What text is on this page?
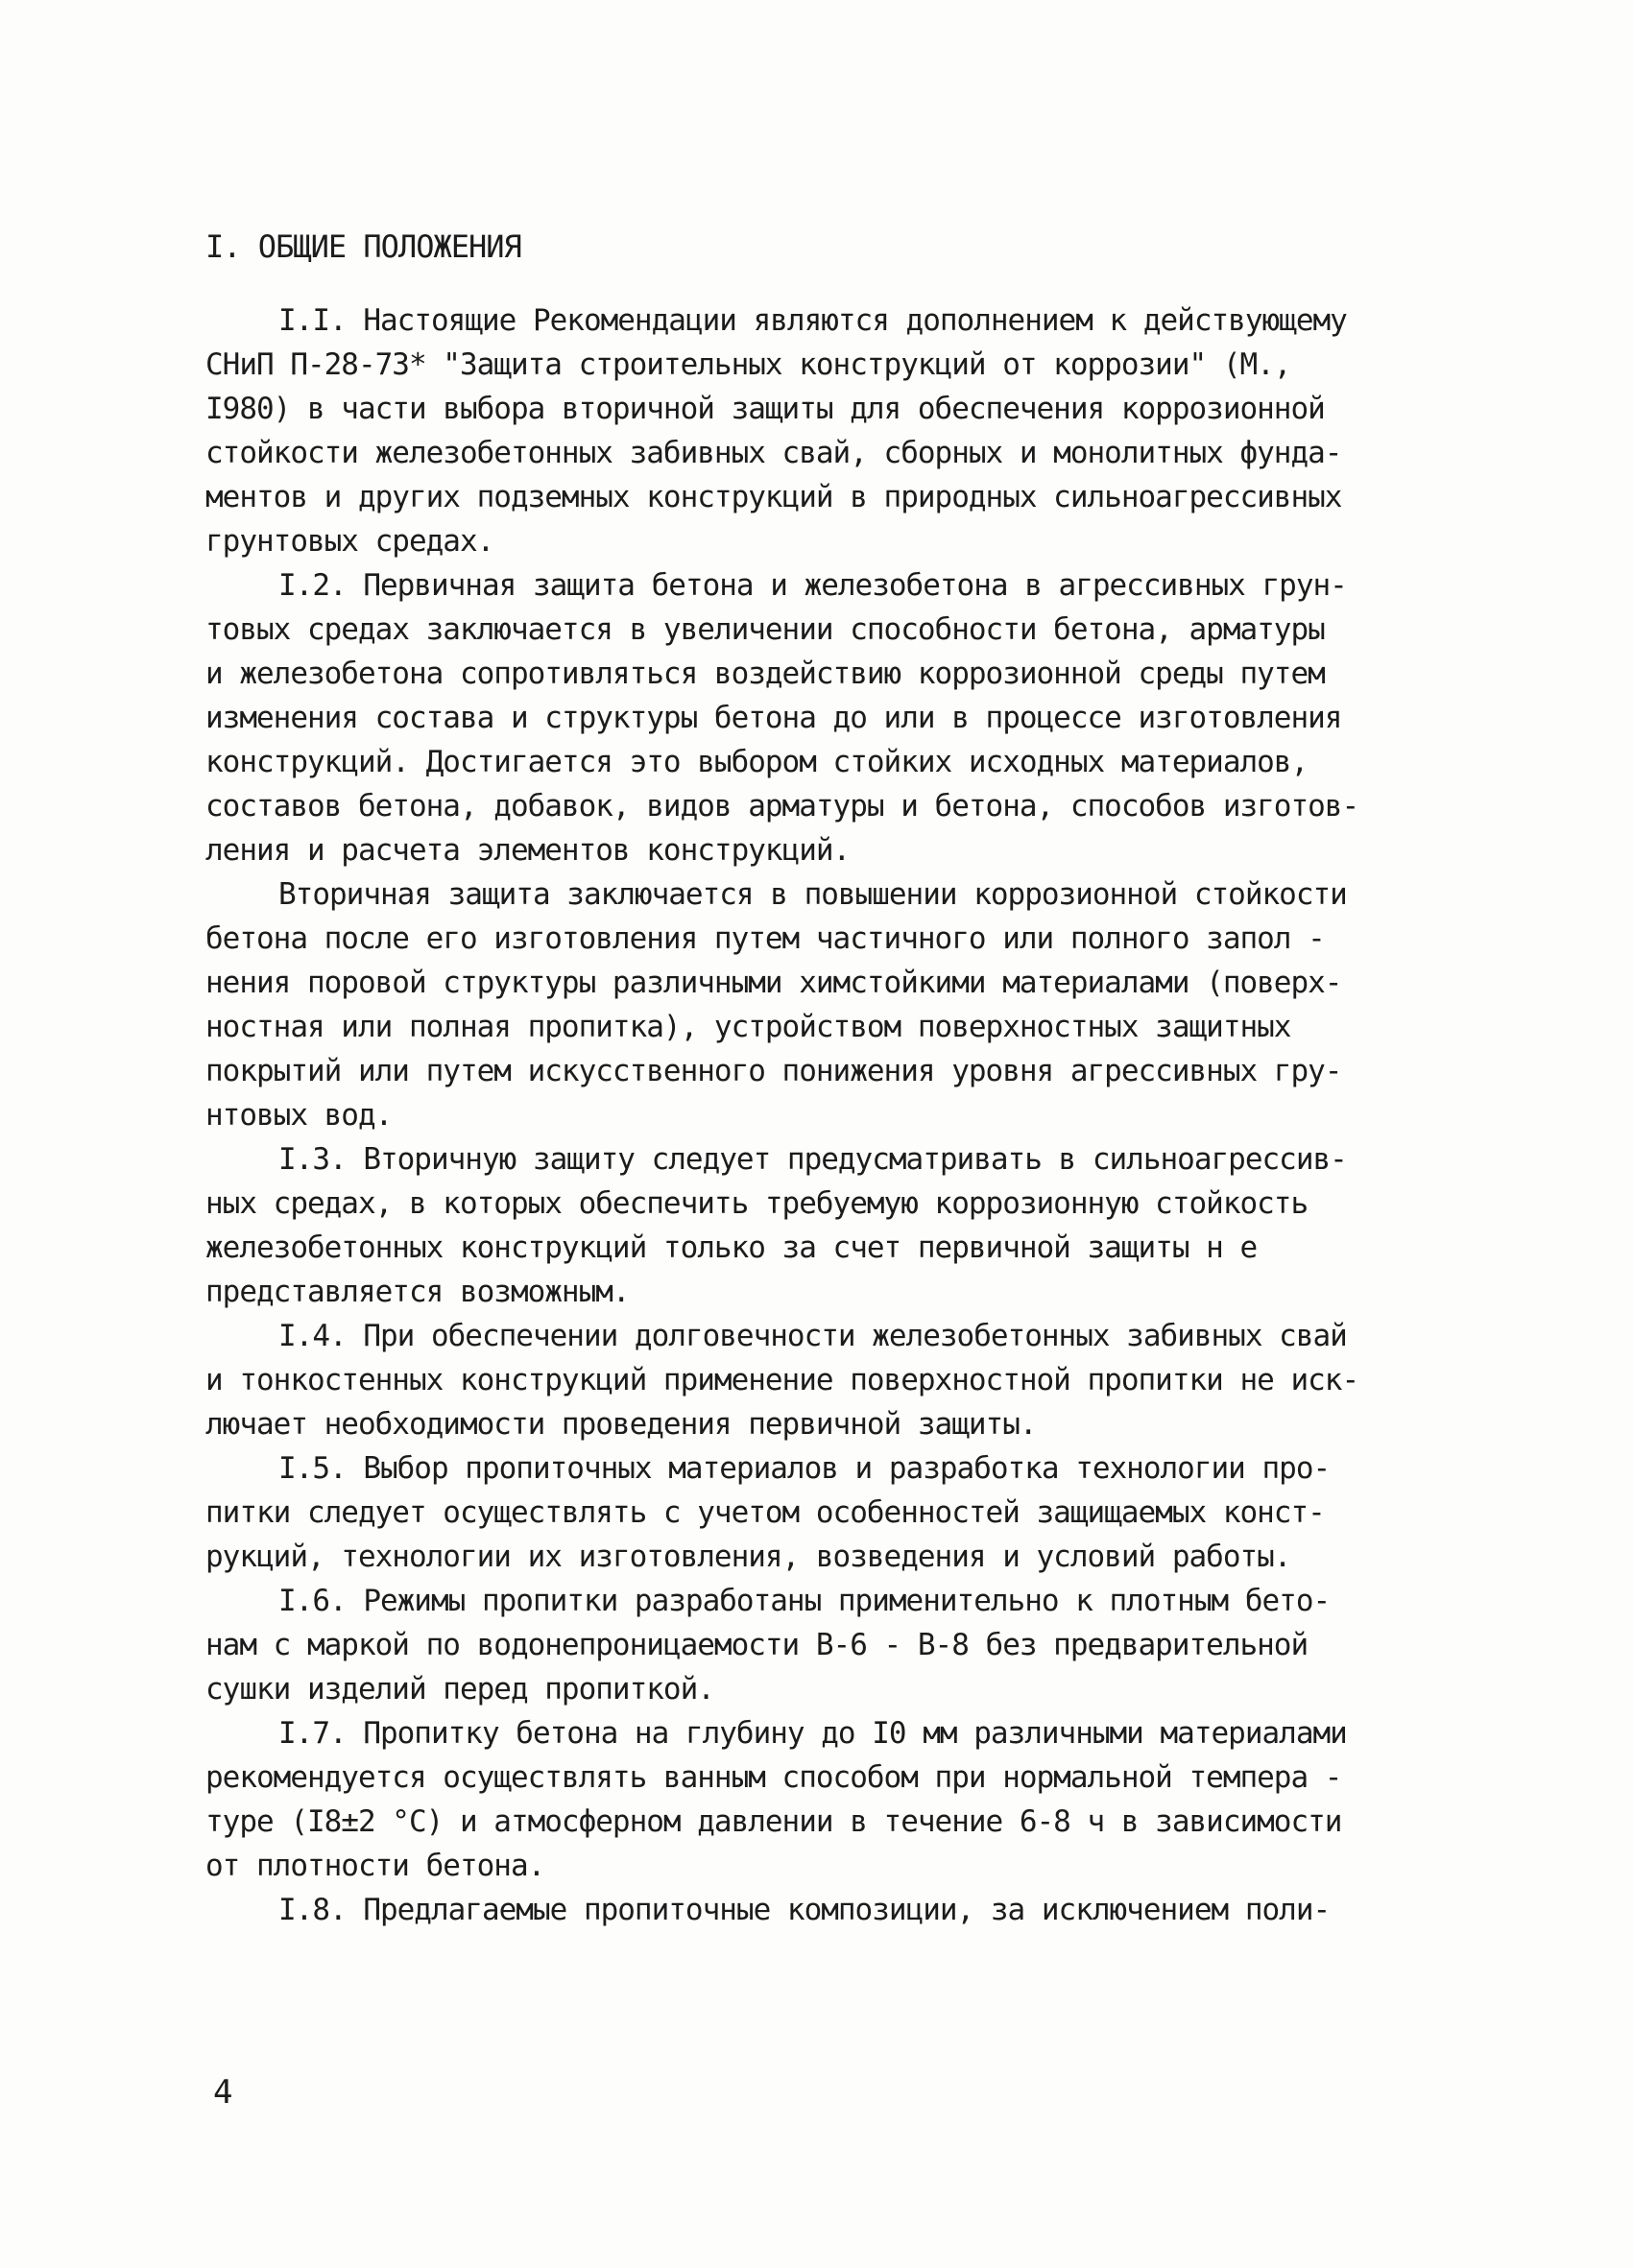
I. ОБЩИЕ ПОЛОЖЕНИЯ
I.I. Настоящие Рекомендации являются дополнением к действующему
СНиП П-28-73* "Защита строительных конструкций от коррозии" (М.,
I980) в части выбора вторичной защиты для обеспечения коррозионной
стойкости железобетонных забивных свай, сборных и монолитных фунда-
ментов и других подземных конструкций в природных сильноагрессивных
грунтовых средах.
I.2. Первичная защита бетона и железобетона в агрессивных грун-
товых средах заключается в увеличении способности бетона, арматуры
и железобетона сопротивляться воздействию коррозионной среды путем
изменения состава и структуры бетона до или в процессе изготовления
конструкций. Достигается это выбором стойких исходных материалов,
составов бетона, добавок, видов арматуры и бетона, способов изготов-
ления и расчета элементов конструкций.
Вторичная защита заключается в повышении коррозионной стойкости
бетона после его изготовления путем частичного или полного запол -
нения поровой структуры различными химстойкими материалами (поверх-
ностная или полная пропитка), устройством поверхностных защитных
покрытий или путем искусственного понижения уровня агрессивных гру-
нтовых вод.
I.3. Вторичную защиту следует предусматривать в сильноагрессив-
ных средах, в которых обеспечить требуемую коррозионную стойкость
железобетонных конструкций только за счет первичной защиты н е
представляется возможным.
I.4. При обеспечении долговечности железобетонных забивных свай
и тонкостенных конструкций применение поверхностной пропитки не иск-
лючает необходимости проведения первичной защиты.
I.5. Выбор пропиточных материалов и разработка технологии про-
питки следует осуществлять с учетом особенностей защищаемых конст-
рукций, технологии их изготовления, возведения и условий работы.
I.6. Режимы пропитки разработаны применительно к плотным бето-
нам с маркой по водонепроницаемости В-6 - В-8 без предварительной
сушки изделий перед пропиткой.
I.7. Пропитку бетона на глубину до I0 мм различными материалами
рекомендуется осуществлять ванным способом при нормальной темпера -
туре (I8±2 °С) и атмосферном давлении в течение 6-8 ч в зависимости
от плотности бетона.
I.8. Предлагаемые пропиточные композиции, за исключением поли-
4
